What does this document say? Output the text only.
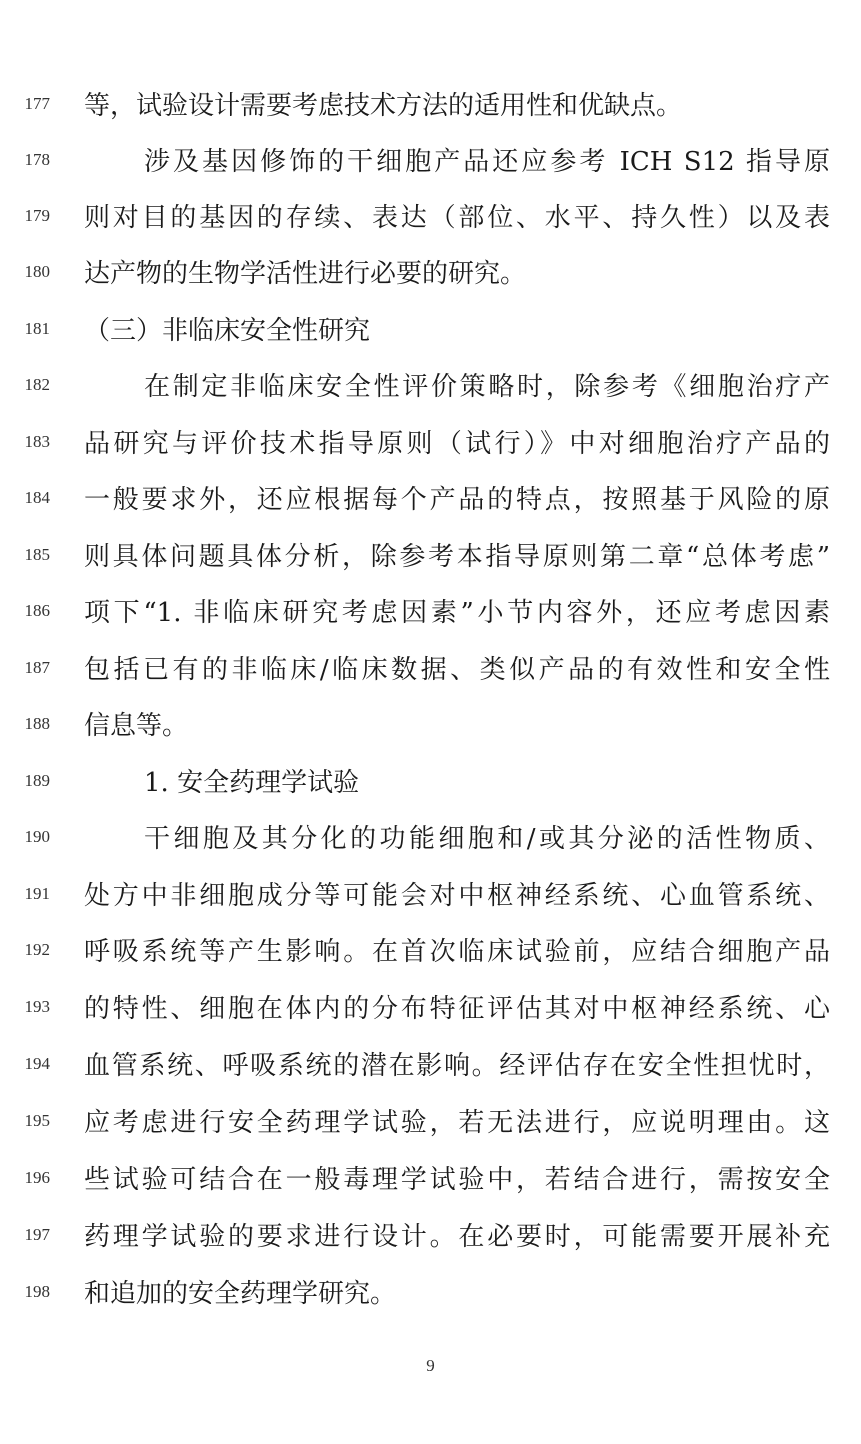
177 等，试验设计需要考虑技术方法的适用性和优缺点。
178	涉及基因修饰的干细胞产品还应参考 ICH S12 指导原
179 则对目的基因的存续、表达（部位、水平、持久性）以及表
180 达产物的生物学活性进行必要的研究。
181 （三）非临床安全性研究
182	在制定非临床安全性评价策略时，除参考《细胞治疗产
183 品研究与评价技术指导原则（试行）》中对细胞治疗产品的
184 一般要求外，还应根据每个产品的特点，按照基于风险的原
185 则具体问题具体分析，除参考本指导原则第二章“总体考虑”
186 项下“1. 非临床研究考虑因素”小节内容外，还应考虑因素
187 包括已有的非临床/临床数据、类似产品的有效性和安全性
188 信息等。
189	1. 安全药理学试验
190	干细胞及其分化的功能细胞和/或其分泌的活性物质、
191 处方中非细胞成分等可能会对中枢神经系统、心血管系统、
192 呼吸系统等产生影响。在首次临床试验前，应结合细胞产品
193 的特性、细胞在体内的分布特征评估其对中枢神经系统、心
194 血管系统、呼吸系统的潜在影响。经评估存在安全性担忧时，
195 应考虑进行安全药理学试验，若无法进行，应说明理由。这
196 些试验可结合在一般毒理学试验中，若结合进行，需按安全
197 药理学试验的要求进行设计。在必要时，可能需要开展补充
198 和追加的安全药理学研究。
9
